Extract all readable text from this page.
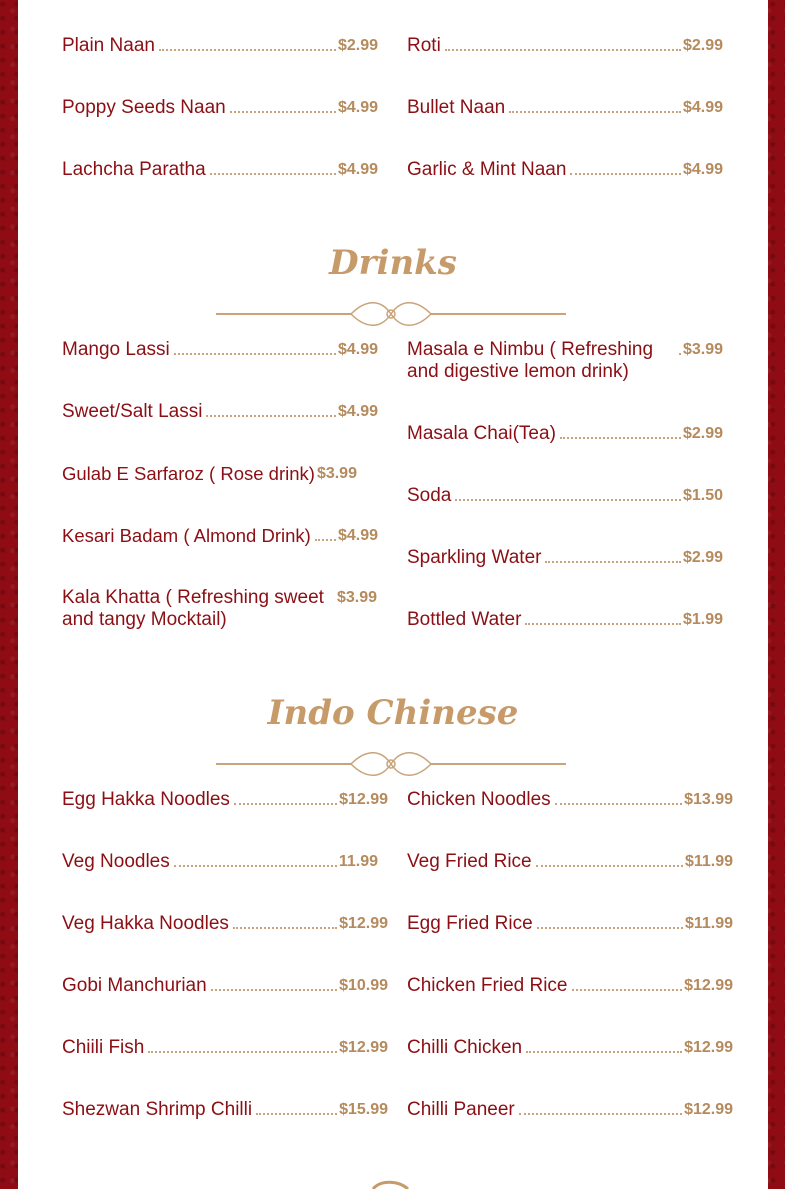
Plain Naan	$2.99
Poppy Seeds Naan	$4.99
Lachcha Paratha	$4.99
Roti	$2.99
Bullet Naan	$4.99
Garlic & Mint Naan	$4.99
Drinks
Mango Lassi	$4.99
Sweet/Salt Lassi	$4.99
Gulab E Sarfaroz ( Rose drink) $3.99
Kesari Badam ( Almond Drink) $4.99
Kala Khatta ( Refreshing sweet and tangy Mocktail)
$3.99
Masala e Nimbu ( Refreshing and digestive lemon drink)
$3.99
Masala Chai(Tea)	$2.99
Soda	$1.50
Sparkling Water	$2.99
Bottled Water	$1.99
Indo Chinese
Egg Hakka Noodles	$12.99
Veg Noodles	11.99
Veg Hakka Noodles	$12.99
Gobi Manchurian	$10.99
Chiili Fish	$12.99
Shezwan Shrimp Chilli	$15.99
Chicken Noodles	$13.99
Veg Fried Rice	$11.99
Egg Fried Rice	$11.99
Chicken Fried Rice	$12.99
Chilli Chicken	$12.99
Chilli Paneer	$12.99
